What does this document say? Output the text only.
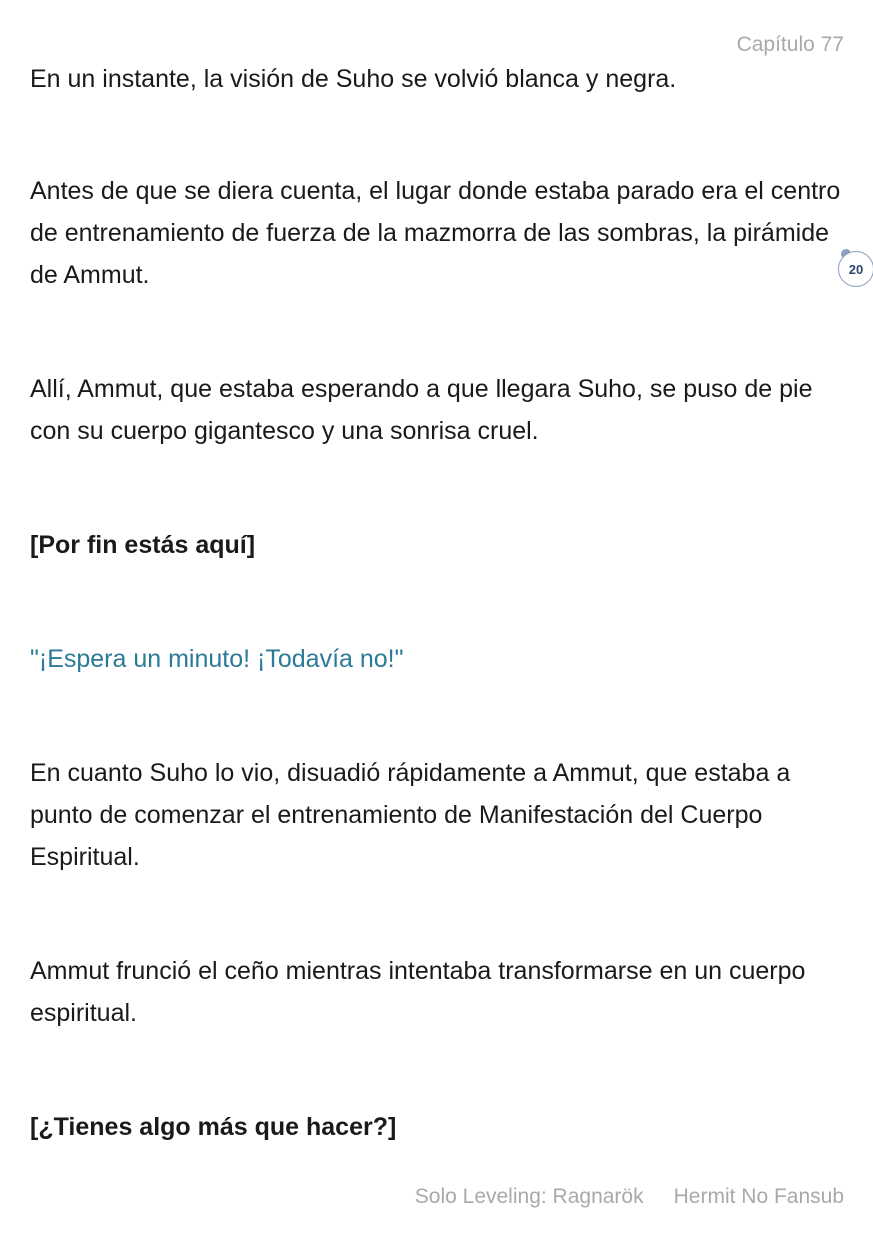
Capítulo 77
20

En un instante, la visión de Suho se volvió blanca y negra.

Antes de que se diera cuenta, el lugar donde estaba parado era el centro de entrenamiento de fuerza de la mazmorra de las sombras, la pirámide de Ammut.

Allí, Ammut, que estaba esperando a que llegara Suho, se puso de pie con su cuerpo gigantesco y una sonrisa cruel.

[Por fin estás aquí]

"¡Espera un minuto! ¡Todavía no!"

En cuanto Suho lo vio, disuadió rápidamente a Ammut, que estaba a punto de comenzar el entrenamiento de Manifestación del Cuerpo Espiritual.

Ammut frunció el ceño mientras intentaba transformarse en un cuerpo espiritual.

[¿Tienes algo más que hacer?]

Solo Leveling: Ragnarök Hermit No Fansub
